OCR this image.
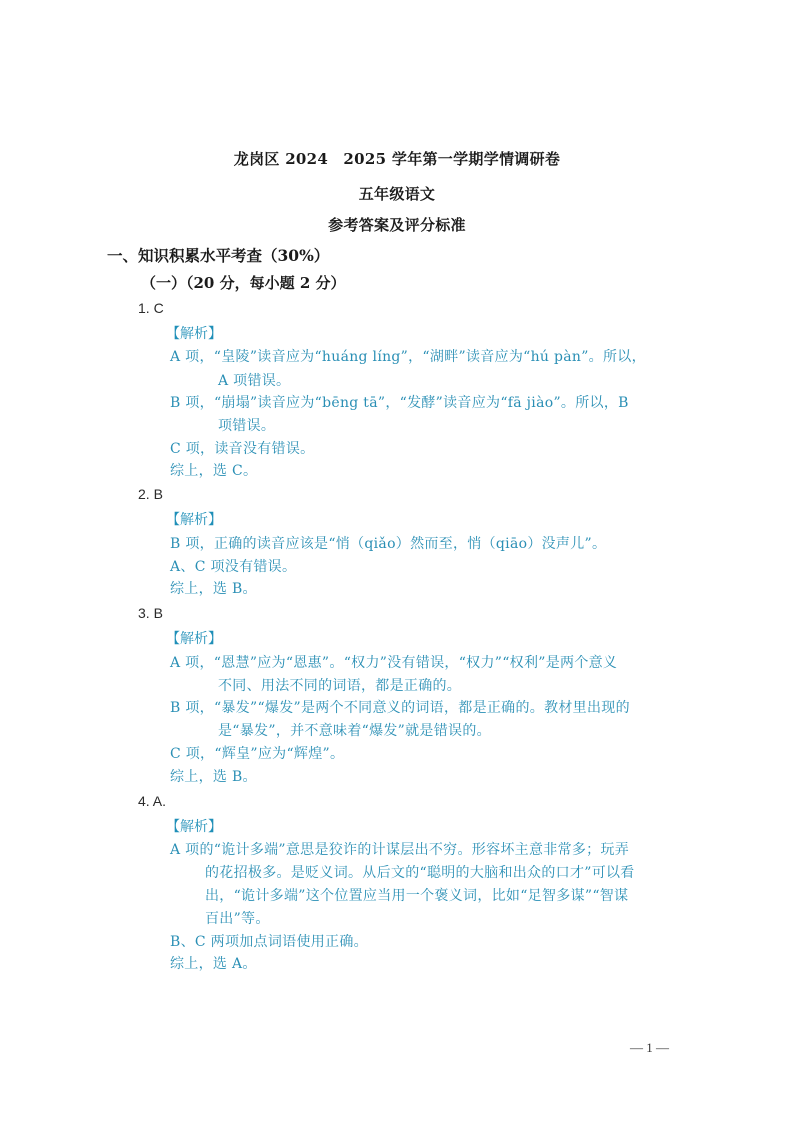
龙岗区 2024　2025 学年第一学期学情调研卷
五年级语文
参考答案及评分标准
一、知识积累水平考查（30%）
（一）（20 分，每小题 2 分）
1. C
【解析】
A 项，“皇陵”读音应为“huáng líng”，“湖畔”读音应为“hú pàn”。所以，
A 项错误。
B 项，“崩塌”读音应为“bēng tā”，“发酵”读音应为“fā jiào”。所以，B
项错误。
C 项，读音没有错误。
综上，选 C。
2. B
【解析】
B 项，正确的读音应该是“悄（qiǎo）然而至，悄（qiāo）没声儿”。
A、C 项没有错误。
综上，选 B。
3. B
【解析】
A 项，“恩慧”应为“恩惠”。“权力”没有错误，“权力”“权利”是两个意义
不同、用法不同的词语，都是正确的。
B 项，“暴发”“爆发”是两个不同意义的词语，都是正确的。教材里出现的
是“暴发”，并不意味着“爆发”就是错误的。
C 项，“辉皇”应为“辉煌”。
综上，选 B。
4. A.
【解析】
A 项的“诡计多端”意思是狡诈的计谋层出不穷。形容坏主意非常多；玩弄
的花招极多。是贬义词。从后文的“聪明的大脑和出众的口才”可以看
出，“诡计多端”这个位置应当用一个褒义词，比如“足智多谋”“智谋
百出”等。
B、C 两项加点词语使用正确。
综上，选 A。
— 1 —
